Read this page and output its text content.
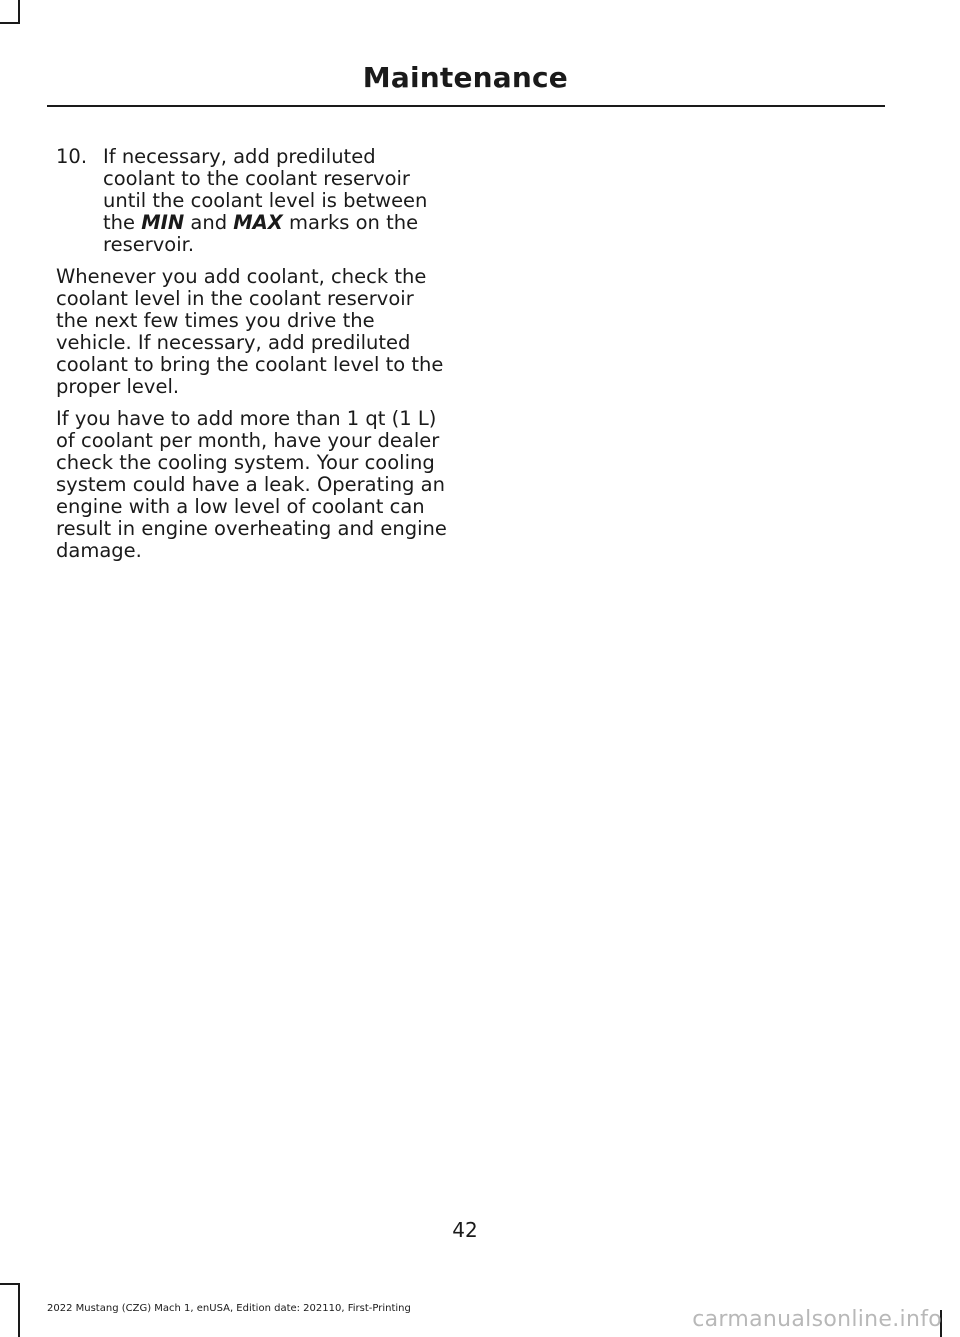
Maintenance
10. If necessary, add prediluted coolant to the coolant reservoir until the coolant level is between the MIN and MAX marks on the reservoir.

Whenever you add coolant, check the coolant level in the coolant reservoir the next few times you drive the vehicle. If necessary, add prediluted coolant to bring the coolant level to the proper level.

If you have to add more than 1 qt (1 L) of coolant per month, have your dealer check the cooling system. Your cooling system could have a leak. Operating an engine with a low level of coolant can result in engine overheating and engine damage.

42
2022 Mustang (CZG) Mach 1, enUSA, Edition date: 202110, First-Printing	carmanualsonline.info
